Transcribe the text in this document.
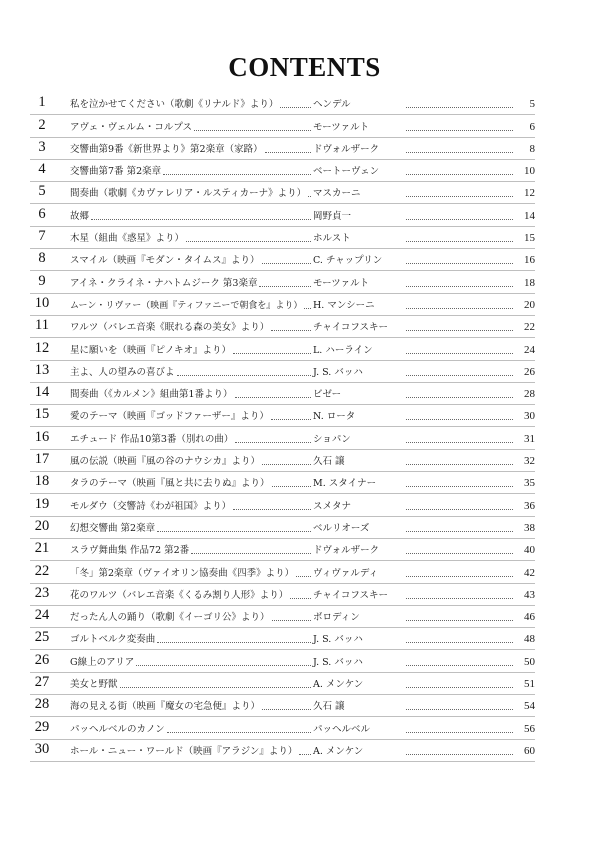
CONTENTS
1	私を泣かせてください（歌劇《リナルド》より）	ヘンデル	5
2	アヴェ・ヴェルム・コルプス	モーツァルト	6
3	交響曲第9番《新世界より》第2楽章（家路）	ドヴォルザーク	8
4	交響曲第7番 第2楽章	ベートーヴェン	10
5	間奏曲（歌劇《カヴァレリア・ルスティカーナ》より） マスカーニ	12
6	故郷	岡野貞一	14
7	木星（組曲《惑星》より）	ホルスト	15
8	スマイル（映画『モダン・タイムス』より）	C. チャップリン	16
9	アイネ・クライネ・ナハトムジーク 第3楽章	モーツァルト	18
10	ムーン・リヴァー（映画『ティファニーで朝食を』より） H. マンシーニ	20
11	ワルツ（バレエ音楽《眠れる森の美女》より）	チャイコフスキー	22
12	星に願いを（映画『ピノキオ』より）	L. ハーライン	24
13	主よ、人の望みの喜びよ	J. S. バッハ	26
14	間奏曲（《カルメン》組曲第1番より）	ビゼー	28
15	愛のテーマ（映画『ゴッドファーザー』より）	N. ロータ	30
16	エチュード 作品10第3番（別れの曲）	ショパン	31
17	風の伝説（映画『風の谷のナウシカ』より）	久石 譲	32
18	タラのテーマ（映画『風と共に去りぬ』より）	M. スタイナー	35
19	モルダウ（交響詩《わが祖国》より）	スメタナ	36
20	幻想交響曲 第2楽章	ベルリオーズ	38
21	スラヴ舞曲集 作品72 第2番	ドヴォルザーク	40
22	「冬」第2楽章（ヴァイオリン協奏曲《四季》より） ヴィヴァルディ	42
23	花のワルツ（バレエ音楽《くるみ割り人形》より）	チャイコフスキー	43
24	だったん人の踊り（歌劇《イーゴリ公》より）	ボロディン	46
25	ゴルトベルク変奏曲	J. S. バッハ	48
26	G線上のアリア	J. S. バッハ	50
27	美女と野獣	A. メンケン	51
28	海の見える街（映画『魔女の宅急便』より）	久石 譲	54
29	パッヘルベルのカノン	パッヘルベル	56
30	ホール・ニュー・ワールド（映画『アラジン』より） A. メンケン	60
